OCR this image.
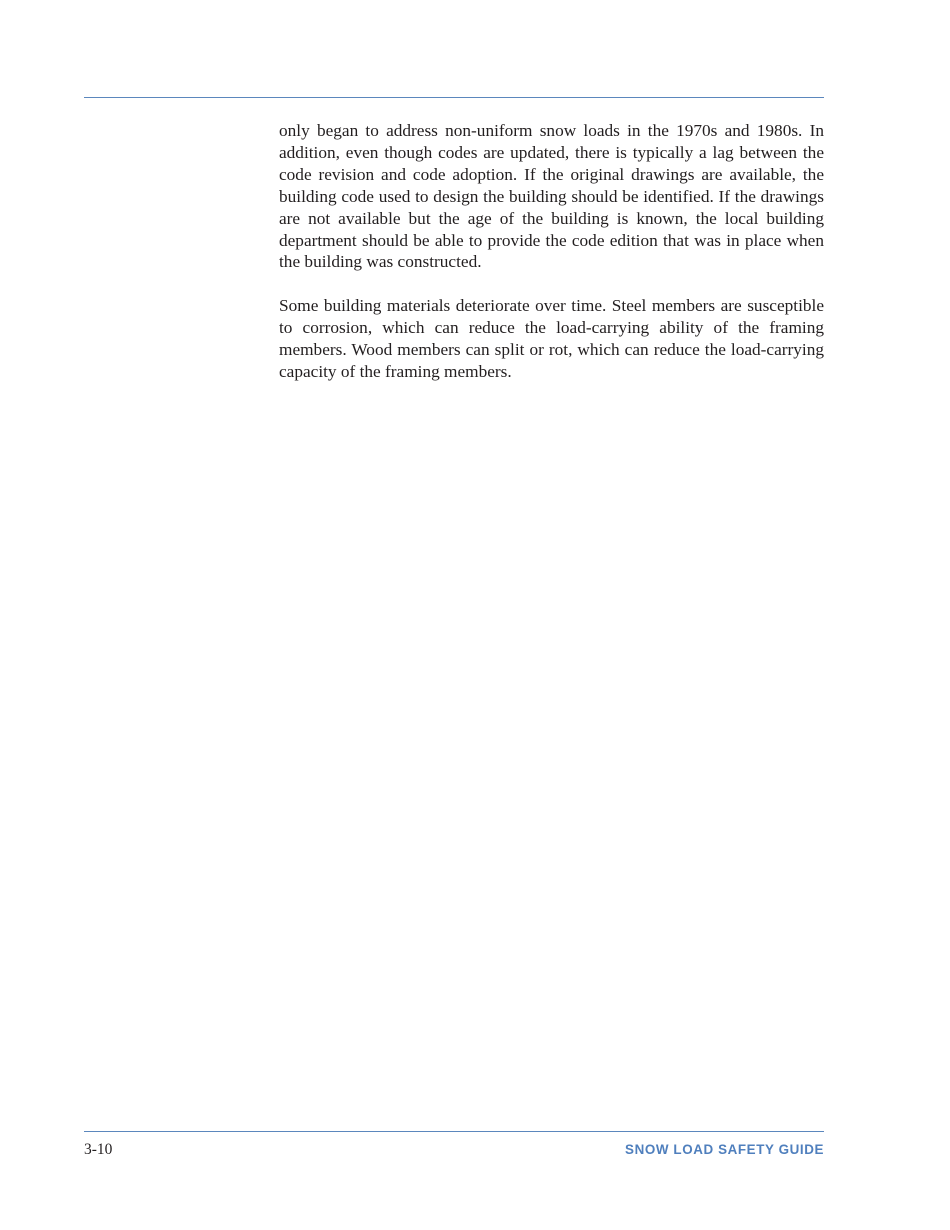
only began to address non-uniform snow loads in the 1970s and 1980s. In addition, even though codes are updated, there is typically a lag between the code revision and code adoption. If the original drawings are available, the building code used to design the building should be identified. If the drawings are not available but the age of the building is known, the local building department should be able to provide the code edition that was in place when the building was constructed.

Some building materials deteriorate over time. Steel members are susceptible to corrosion, which can reduce the load-carrying ability of the framing members. Wood members can split or rot, which can reduce the load-carrying capacity of the framing members.

3-10	SNOW LOAD SAFETY GUIDE
